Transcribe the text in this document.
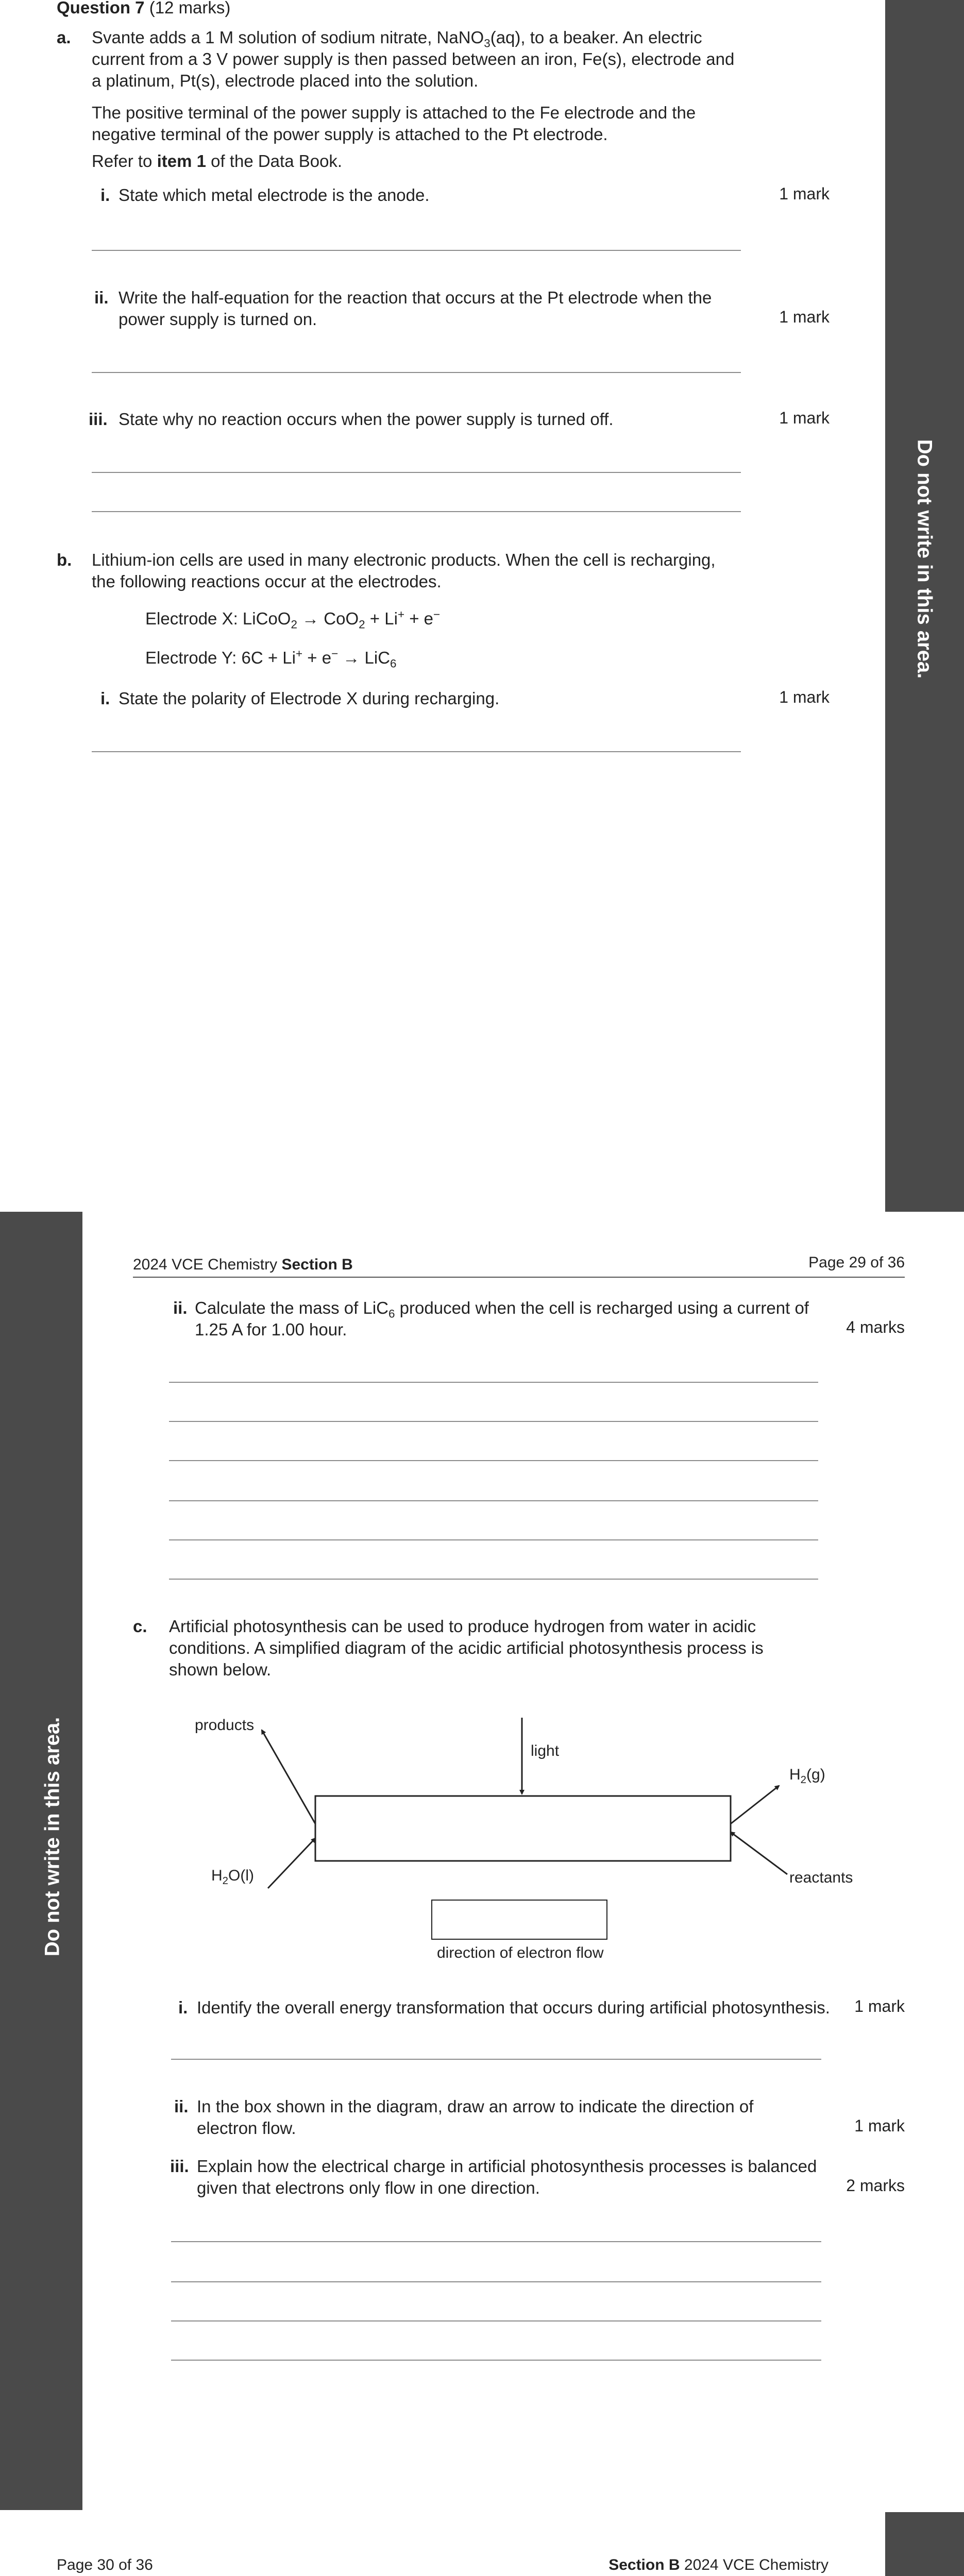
Question 7 (12 marks)
Do not write in this area.
a. Svante adds a 1 M solution of sodium nitrate, NaNO$_3$(aq), to a beaker. An electric
current from a 3 V power supply is then passed between an iron, Fe(s), electrode and
a platinum, Pt(s), electrode placed into the solution.
The positive terminal of the power supply is attached to the Fe electrode and the
negative terminal of the power supply is attached to the Pt electrode.
Refer to item 1 of the Data Book.
i. State which metal electrode is the anode.	1 mark
ii. Write the half-equation for the reaction that occurs at the Pt electrode when the
power supply is turned on.	1 mark
iii. State why no reaction occurs when the power supply is turned off.	1 mark
b. Lithium-ion cells are used in many electronic products. When the cell is recharging,
the following reactions occur at the electrodes.
Electrode X: LiCoO$_2$ → CoO$_2$ + Li+ + e−
Electrode Y: 6C + Li+ + e− → LiC$_6$
i. State the polarity of Electrode X during recharging.	1 mark
Do not write in this area.
2024 VCE Chemistry Section B	Page 29 of 36
ii. Calculate the mass of LiC$_6$ produced when the cell is recharged using a current of
1.25 A for 1.00 hour.	4 marks
c. Artificial photosynthesis can be used to produce hydrogen from water in acidic
conditions. A simplified diagram of the acidic artificial photosynthesis process is
shown below.
light
products
$H_2(g)$
$H_2O(l)$	reactants
direction of electron flow
i. Identify the overall energy transformation that occurs during artificial photosynthesis.	1 mark
ii. In the box shown in the diagram, draw an arrow to indicate the direction of
electron flow.	1 mark
iii. Explain how the electrical charge in artificial photosynthesis processes is balanced
given that electrons only flow in one direction.	2 marks
Page 30 of 36	Section B 2024 VCE Chemistry
